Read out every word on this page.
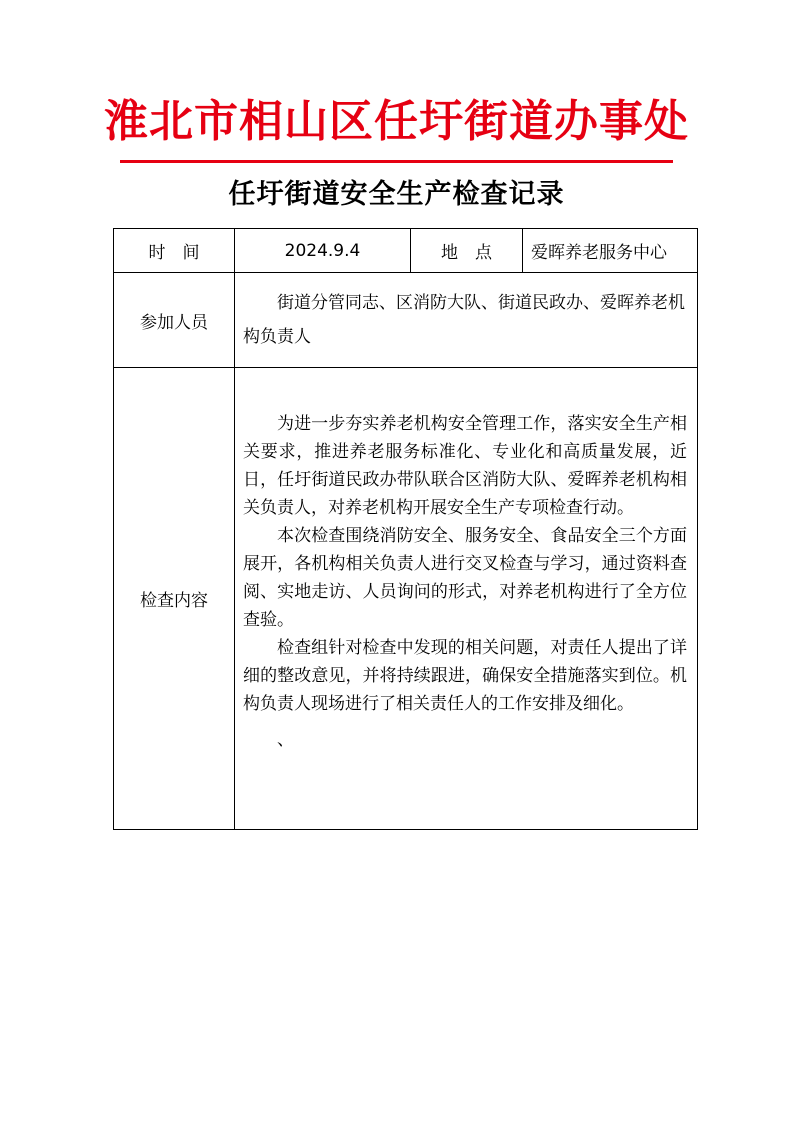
淮北市相山区任圩街道办事处
任圩街道安全生产检查记录
时　间	2024.9.4	地　点	爱晖养老服务中心
参加人员	街道分管同志、区消防大队、街道民政办、爱晖养老机构负责人		
检查内容	为进一步夯实养老机构安全管理工作，落实安全生产相关要求，推进养老服务标准化、专业化和高质量发展，近日，任圩街道民政办带队联合区消防大队、爱晖养老机构相关负责人，对养老机构开展安全生产专项检查行动。

本次检查围绕消防安全、服务安全、食品安全三个方面展开，各机构相关负责人进行交叉检查与学习，通过资料查阅、实地走访、人员询问的形式，对养老机构进行了全方位查验。

检查组针对检查中发现的相关问题，对责任人提出了详细的整改意见，并将持续跟进，确保安全措施落实到位。机构负责人现场进行了相关责任人的工作安排及细化。

、		
